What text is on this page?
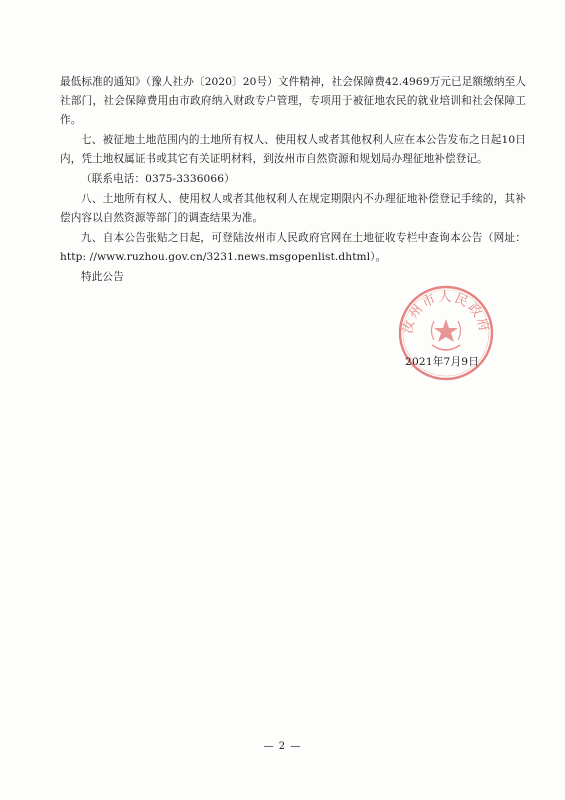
最低标准的通知》（豫人社办〔2020〕20号）文件精神，社会保障费42.4969万元已足额缴纳至人社部门，社会保障费用由市政府纳入财政专户管理，专项用于被征地农民的就业培训和社会保障工作。

七、被征地土地范围内的土地所有权人、使用权人或者其他权利人应在本公告发布之日起10日内，凭土地权属证书或其它有关证明材料，到汝州市自然资源和规划局办理征地补偿登记。

（联系电话：0375-3336066）

八、土地所有权人、使用权人或者其他权利人在规定期限内不办理征地补偿登记手续的，其补偿内容以自然资源等部门的调查结果为准。

九、自本公告张贴之日起，可登陆汝州市人民政府官网在土地征收专栏中查询本公告（网址：http: //www.ruzhou.gov.cn/3231.news.msgopenlist.dhtml）。

特此公告

汝州市人民政府
2021年7月9日
— 2 —
